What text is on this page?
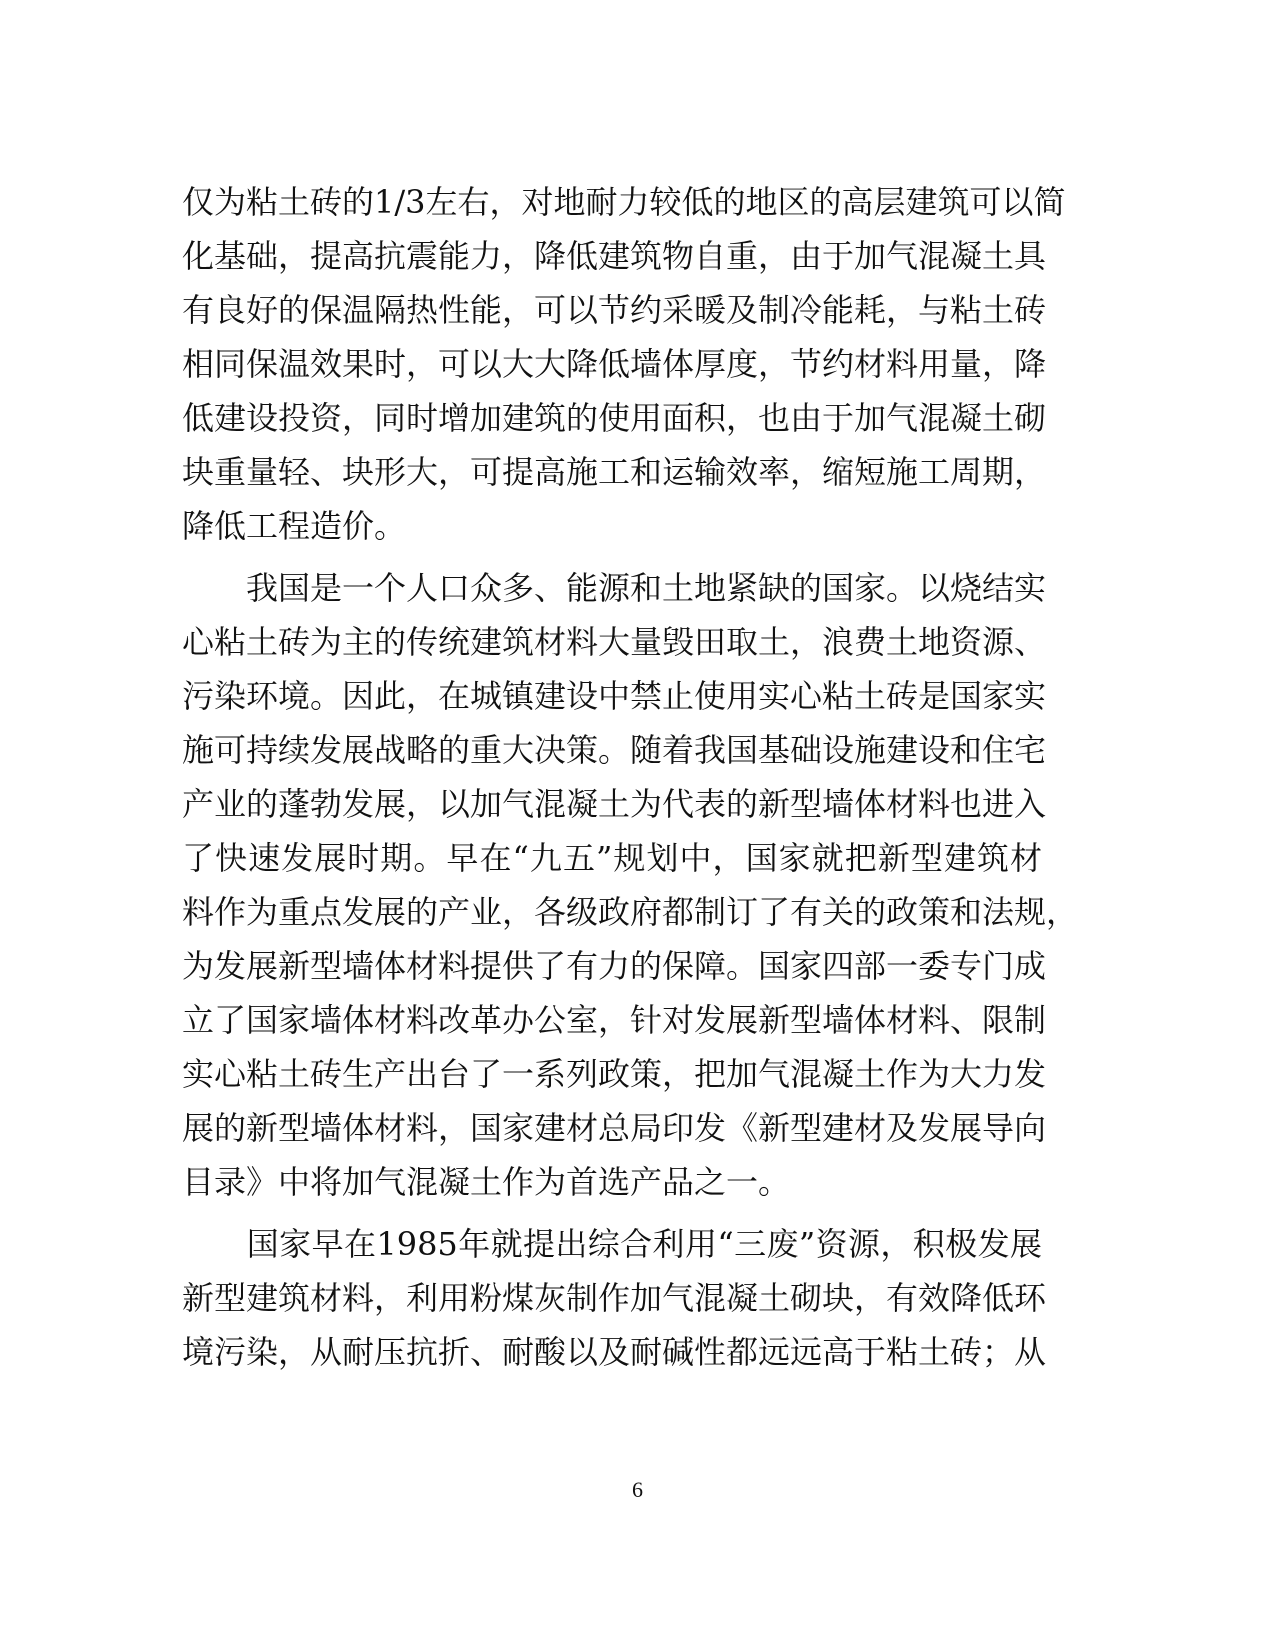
仅为粘土砖的1/3左右，对地耐力较低的地区的高层建筑可以简
化基础，提高抗震能力，降低建筑物自重，由于加气混凝土具
有良好的保温隔热性能，可以节约采暖及制冷能耗，与粘土砖
相同保温效果时，可以大大降低墙体厚度，节约材料用量，降
低建设投资，同时增加建筑的使用面积，也由于加气混凝土砌
块重量轻、块形大，可提高施工和运输效率，缩短施工周期，
降低工程造价。

　　我国是一个人口众多、能源和土地紧缺的国家。以烧结实
心粘土砖为主的传统建筑材料大量毁田取土，浪费土地资源、
污染环境。因此，在城镇建设中禁止使用实心粘土砖是国家实
施可持续发展战略的重大决策。随着我国基础设施建设和住宅
产业的蓬勃发展，以加气混凝土为代表的新型墙体材料也进入
了快速发展时期。早在“九五”规划中，国家就把新型建筑材
料作为重点发展的产业，各级政府都制订了有关的政策和法规，
为发展新型墙体材料提供了有力的保障。国家四部一委专门成
立了国家墙体材料改革办公室，针对发展新型墙体材料、限制
实心粘土砖生产出台了一系列政策，把加气混凝土作为大力发
展的新型墙体材料，国家建材总局印发《新型建材及发展导向
目录》中将加气混凝土作为首选产品之一。

　　国家早在1985年就提出综合利用“三废”资源，积极发展
新型建筑材料，利用粉煤灰制作加气混凝土砌块，有效降低环
境污染，从耐压抗折、耐酸以及耐碱性都远远高于粘土砖；从

6
